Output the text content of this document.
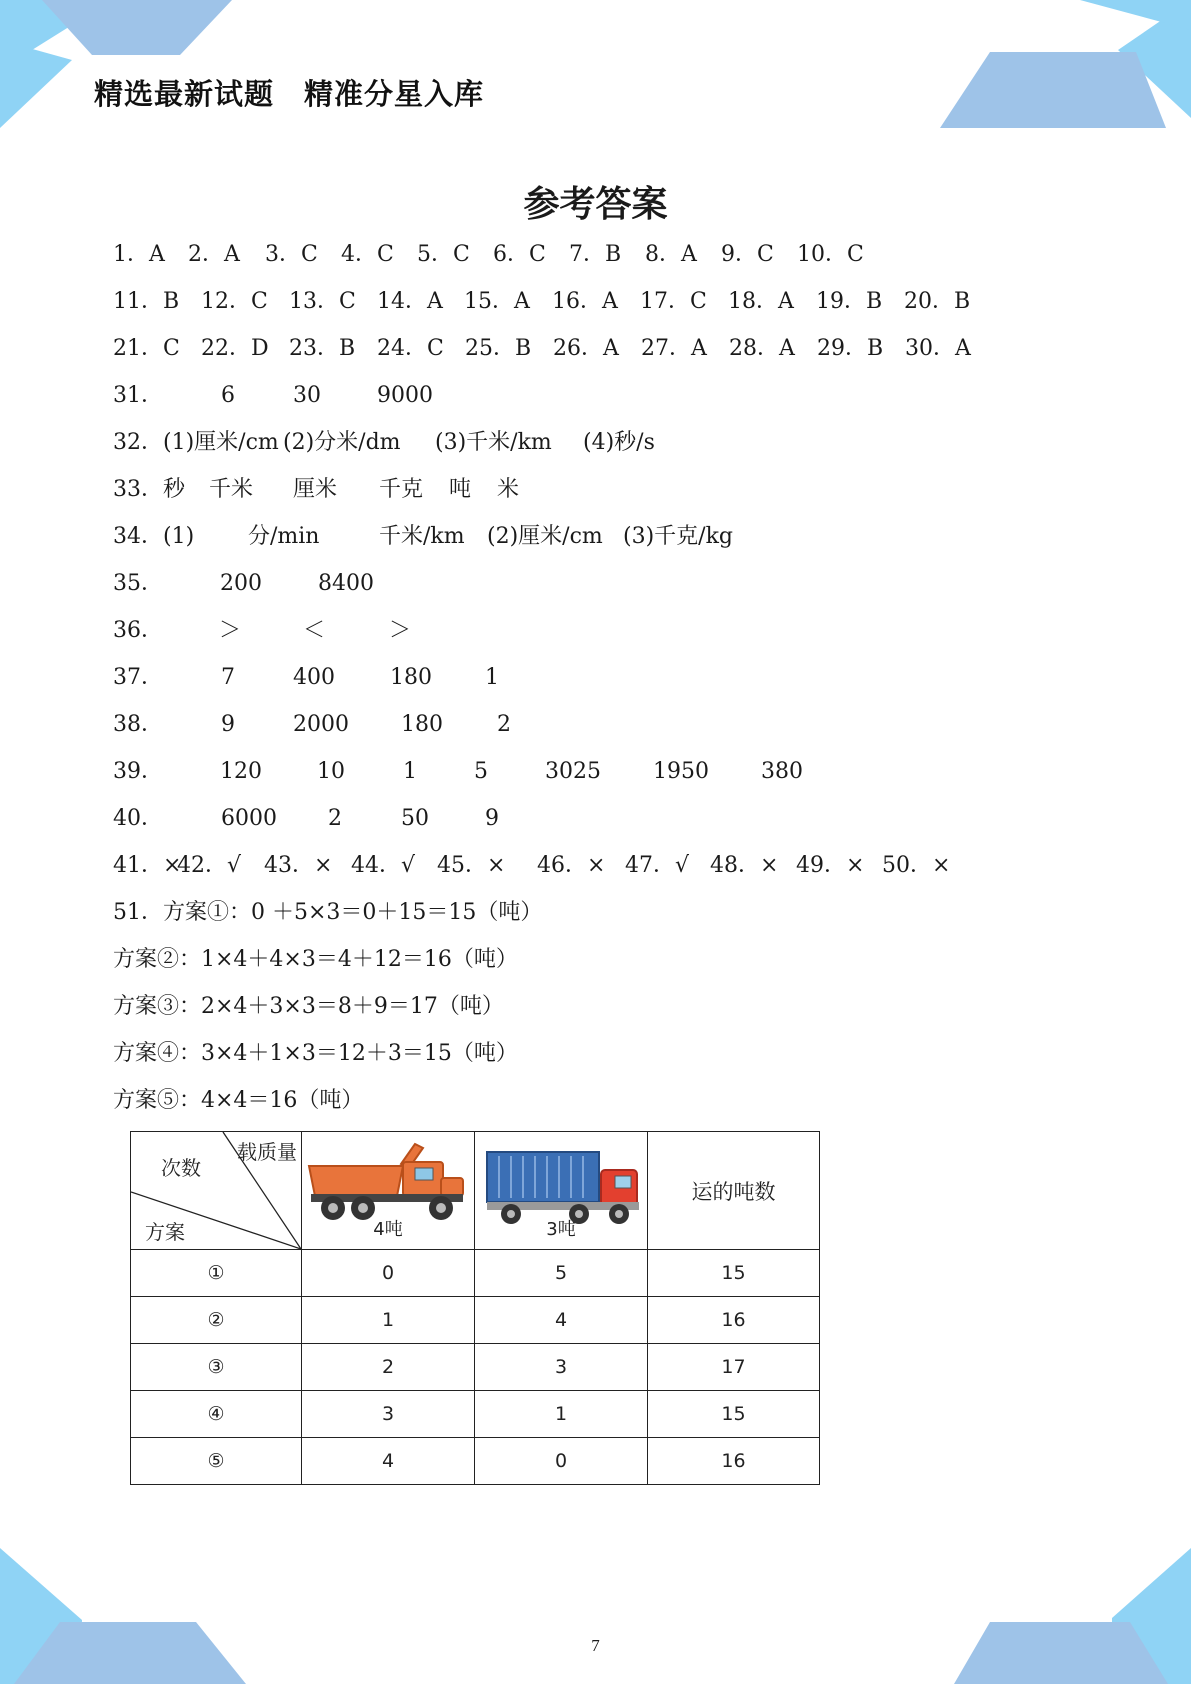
精选最新试题　精准分星入库
参考答案
1．A 2．A 3．C 4．C 5．C 6．C 7．B 8．A 9．C 10．C
11．B 12．C 13．C 14．A 15．A 16．A 17．C 18．A 19．B 20．B
21．C 22．D 23．B 24．C 25．B 26．A 27．A 28．A 29．B 30．A
31．	6	30	9000
32．(1)厘米/cm (2)分米/dm (3)千米/km (4)秒/s
33．秒 千米 厘米 千克 吨 米
34．(1) 分/min	千米/km (2)厘米/cm (3)千克/kg
35．	200	8400
36．	＞	＜	＞
37．	7	400	180 1
38．	9	2000 180 2
39．	120	10	1	5	3025 1950 380
40．	6000 2	50	9
41．×
42．√ 43．× 44．√ 45．× 46．× 47．√ 48．× 49．× 50．×
51．方案①：0 ＋5×3＝0＋15＝15（吨）
方案②：1×4＋4×3＝4＋12＝16（吨）
方案③：2×4＋3×3＝8＋9＝17（吨）
方案④：3×4＋1×3＝12＋3＝15（吨）
方案⑤：4×4＝16（吨）
载质量
次数
方案	4吨	3吨	运的吨数
①	0	5	15
②	1	4	16
③	2	3	17
④	3	1	15
⑤	4	0	16
7
